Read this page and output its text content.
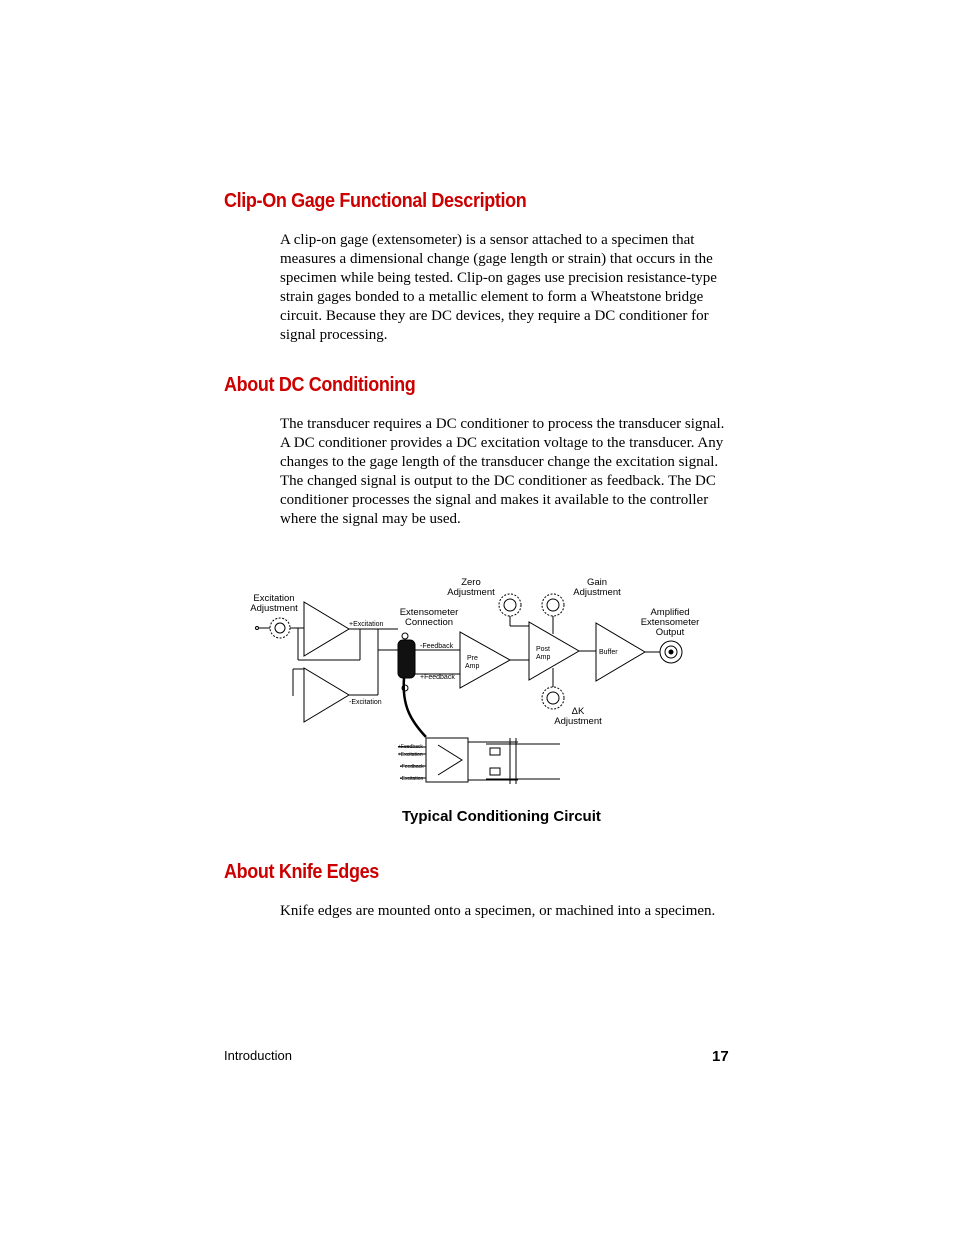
Clip-On Gage Functional Description

A clip-on gage (extensometer) is a sensor attached to a specimen that measures a dimensional change (gage length or strain) that occurs in the specimen while being tested. Clip-on gages use precision resistance-type strain gages bonded to a metallic element to form a Wheatstone bridge circuit. Because they are DC devices, they require a DC conditioner for signal processing.

About DC Conditioning

The transducer requires a DC conditioner to process the transducer signal. A DC conditioner provides a DC excitation voltage to the transducer. Any changes to the gage length of the transducer change the excitation signal. The changed signal is output to the DC conditioner as feedback. The DC conditioner processes the signal and makes it available to the controller where the signal may be used.

Excitation
Adjustment	Extensometer
Connection
Zero
Adjustment
Gain
Adjustment
Amplified
Extensometer
Output
ΔK
Adjustment
+Excitation
-Excitation
-Feedback
+Feedback
Pre
Amp
Post
Amp
Buffer
+Feedback
+Excitation
-Feedback
-Excitation

Typical Conditioning Circuit

About Knife Edges

Knife edges are mounted onto a specimen, or machined into a specimen.

Introduction	17
